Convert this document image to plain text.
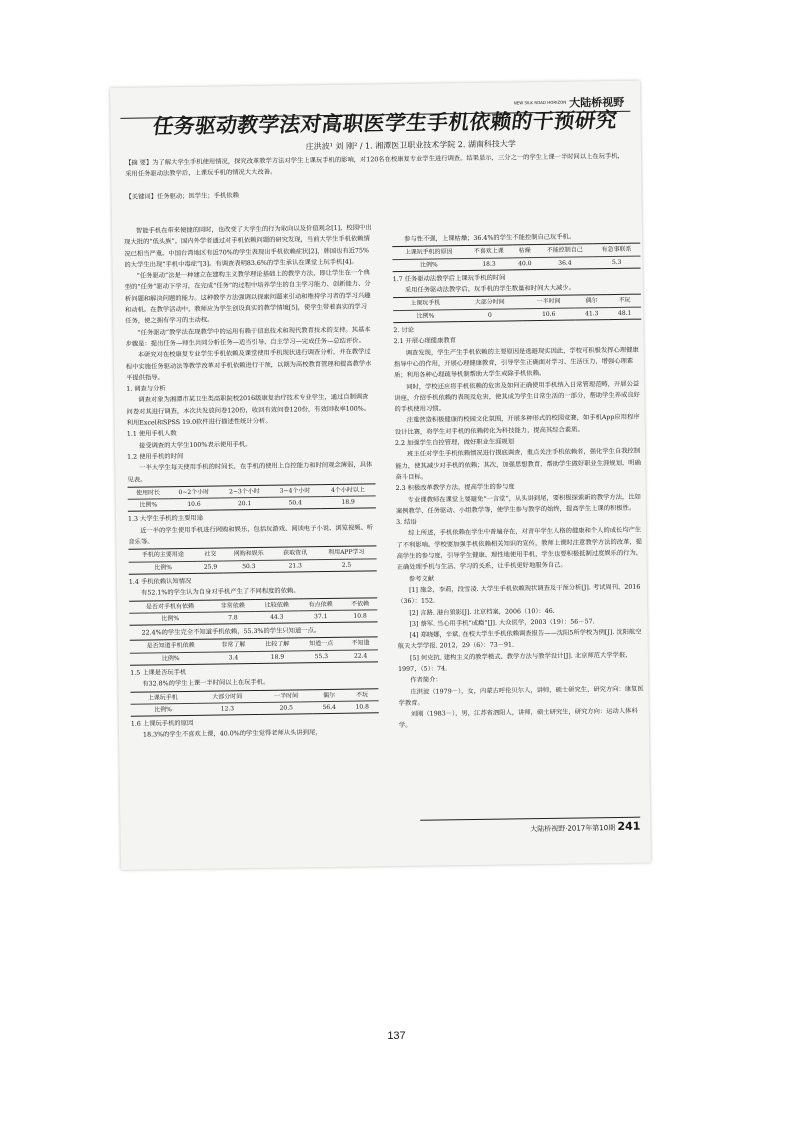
NEW SILK ROAD HORIZON 大陆桥视野
任务驱动教学法对高职医学生手机依赖的干预研究
庄洪波¹ 刘 刚² / 1. 湘潭医卫职业技术学院 2. 湖南科技大学
【摘 要】为了解大学生手机使用情况，探究改革教学方法对学生上课玩手机的影响，对120名在校康复专业学生进行调查。结果显示，三分之一的学生上课一半时间以上在玩手机，采用任务驱动法教学后，上课玩手机的情况大大改善。
【关键词】任务驱动；医学生；手机依赖

智能手机在带来便捷的同时，也改变了大学生的行为取向以及价值观念[1]，校园中出现大批的“低头族”。国内外学者通过对手机依赖问题的研究发现，当前大学生手机依赖情况已相当严重。中国台湾地区有近70%的学生表现出手机依赖症状[2]，韩国也有近75%的大学生出现“手机中毒症”[3]。有调查表明83.6%的学生承认在课堂上玩手机[4]。

“任务驱动”法是一种建立在建构主义教学理论基础上的教学方法，即让学生在一个典型的“任务”驱动下学习，在完成“任务”的过程中培养学生的自主学习能力、创新能力、分析问题和解决问题的能力。这种教学方法强调以探索问题来引动和维持学习者的学习兴趣和动机。在教学活动中，教师应为学生创设真实的教学情境[5]，使学生带着真实的学习任务，使之拥有学习的主动权。

“任务驱动”教学法在现教学中的运用有赖于信息技术和现代教育技术的支持。其基本步骤是：提出任务—师生共同分析任务—适当引导、自主学习—完成任务—总结评价。

本研究对在校康复专业学生手机依赖及课堂使用手机现状进行调查分析，并在教学过程中实施任务驱动法等教学改革对手机依赖进行干预，以期为高校教育管理和提高教学水平提供指导。

1. 调查与分析

调查对象为湘潭市某卫生类高职院校2016级康复治疗技术专业学生，通过自制调查问卷对其进行调查，本次共发放问卷120份，收回有效问卷120份，有效回收率100%。利用Excel和SPSS 19.0软件进行描述性统计分析。

1.1 使用手机人数

接受调查的大学生100%表示使用手机。

1.2 使用手机的时间

一半大学生每天使用手机的时间长，在手机的使用上自控能力和时间观念薄弱，具体见表。

使用时长	0~2个小时	2~3个小时	3~4个小时	4个小时以上
比例%	10.6	20.1	50.4	18.9
1.3 大学生手机的主要用途

近一半的学生使用手机进行网购和娱乐，包括玩游戏、阅读电子小说、浏览视频、听音乐等。

手机的主要用途	社交	网购和娱乐	获取资讯	利用APP学习
比例%	25.9	50.3	21.3	2.5
1.4 手机依赖认知情况

有52.1%的学生认为自身对手机产生了不同程度的依赖。

是否对手机有依赖	非常依赖	比较依赖	有点依赖	不依赖
比例%	7.8	44.3	37.1	10.8

22.4%的学生完全不知道手机依赖，55.3%的学生只知道一点。

是否知道手机依赖	非常了解	比较了解	知道一点	不知道
比例%	3.4	18.9	55.3	22.4
1.5 上课是否玩手机

有32.8%的学生上课一半时间以上在玩手机。

上课玩手机	大部分时间	一半时间	偶尔	不玩
比例%	12.3	20.5	56.4	10.8
1.6 上课玩手机的原因

18.3%的学生不喜欢上课，40.0%的学生觉得老师从头讲到尾，

参与性不强，上课枯燥；36.4%的学生不能控制自己玩手机。

上课玩手机的原因	不喜欢上课	枯燥	不能控制自己	有急事联系
比例%	18.3	40.0	36.4	5.3
1.7 任务驱动法教学后上课玩手机的时间

采用任务驱动法教学后，玩手机的学生数量和时间大大减少。

上课玩手机	大部分时间	一半时间	偶尔	不玩
比例%	0	10.6	41.3	48.1
2. 讨论
2.1 开展心理健康教育

调查发现，学生产生手机依赖的主要原因是逃避现实因此，学校可积极发挥心理健康指导中心的作用，开展心理健康教育，引导学生正确面对学习、生活压力，增强心理素质；利用各种心理疏导机制帮助大学生戒除手机依赖。

同时，学校还应将手机依赖的危害及如何正确使用手机纳入日常管理范畴，开展公益讲座，介绍手机依赖的表现及危害，使其成为学生日常生活的一部分，帮助学生养成良好的手机使用习惯。

注重营造积极健康的校园文化氛围，开展多种形式的校园竞赛，如手机App应用程序设计比赛，将学生对手机的依赖转化为科技能力，提高其综合素质。

2.2 加强学生自控管理，做好职业生涯规划

班主任对学生手机依赖情况进行摸底调查，重点关注手机依赖者，强化学生自我控制能力，使其减少对手机的依赖；其次，加强思想教育，帮助学生做好职业生涯规划，明确奋斗目标。

2.3 积极改革教学方法，提高学生的参与度

专业课教师在课堂上要避免“一言堂”，从头讲到尾，要积极探索新的教学方法，比如案例教学、任务驱动、小组教学等，使学生参与教学的始终，提高学生上课的积极性。

3. 结语

综上所述，手机依赖在学生中普遍存在，对青年学生人格的健康和个人的成长均产生了不利影响。学校要加强手机依赖相关知识的宣传，教师上课时注意教学方法的改革，提高学生的参与度，引导学生健康、理性地使用手机，学生也要积极抵制过度娱乐的行为，正确处理手机与生活、学习的关系，让手机更好地服务自己。

参考文献

[1] 施念，李莉，段雪凌. 大学生手机依赖现状调查及干预分析[J]. 考试周刊，2016（36）：152.

[2] 言路. 港台狼影[J]. 北京档案，2006（10）：46.

[3] 蔡军. 当心用手机“成瘾”[J]. 大众医学，2003（19）：56－57.

[4] 郑晓娜，辛斌. 在校大学生手机依赖调查报告——沈阳5所学校为例[J]. 沈阳航空航天大学学报. 2012，29（6）：73－91.

[5] 何克抗. 建构主义的教学模式、教学方法与教学设计[J]. 北京师范大学学报，1997，（5）：74.

作者简介：

庄洪波（1979－），女，内蒙古呼伦贝尔人，讲师，硕士研究生，研究方向：康复医学教育。

刘刚（1983－），男，江苏省泗阳人，讲师，硕士研究生，研究方向：运动人体科学。

大陆桥视野·2017年第10期 241
137
